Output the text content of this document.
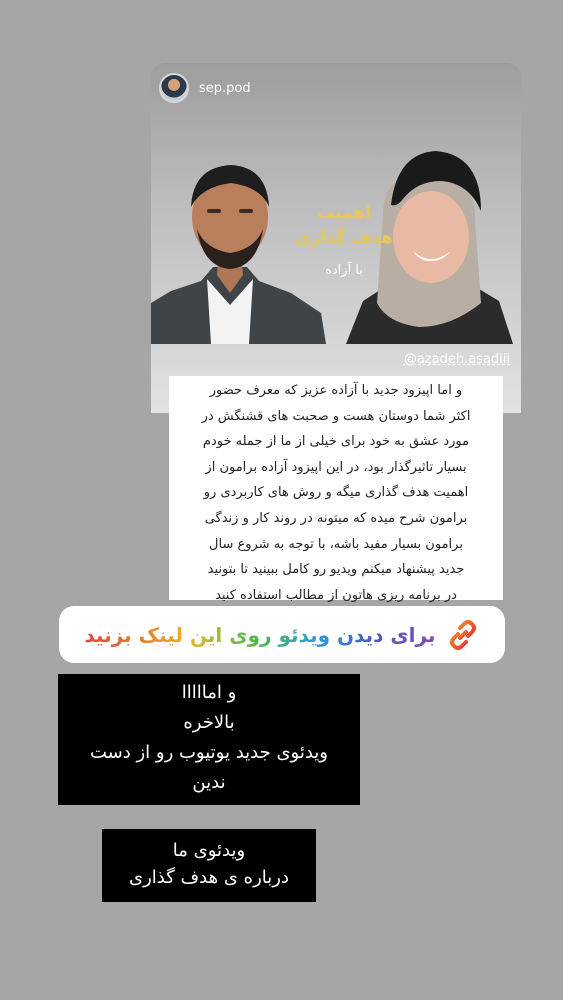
sep.pod
اهمیت
هدف گذاری
با آزاده
@azadeh.asadiii
و اما اپیزود جدید با آزاده عزیز که معرف حضور
اکثر شما دوستان هست و صحبت های قشنگش در
مورد عشق به خود برای خیلی از ما از جمله خودم
بسیار تاثیرگذار بود، در این اپیزود آزاده برامون از
اهمیت هدف گذاری میگه و روش های کاربردی رو
برامون شرح میده که میتونه در روند کار و زندگی
برامون بسیار مفید باشه، با توجه به شروع سال
جدید پیشنهاد میکنم ویدیو رو کامل ببینید تا بتونید
در برنامه ریزی هاتون از مطالب استفاده کنید
برای دیدن ویدئو روی این لینک بزنید
و امااااا
بالاخره
ویدئوی جدید یوتیوب رو از دست
ندین
ویدئوی ما
درباره ی هدف گذاری
